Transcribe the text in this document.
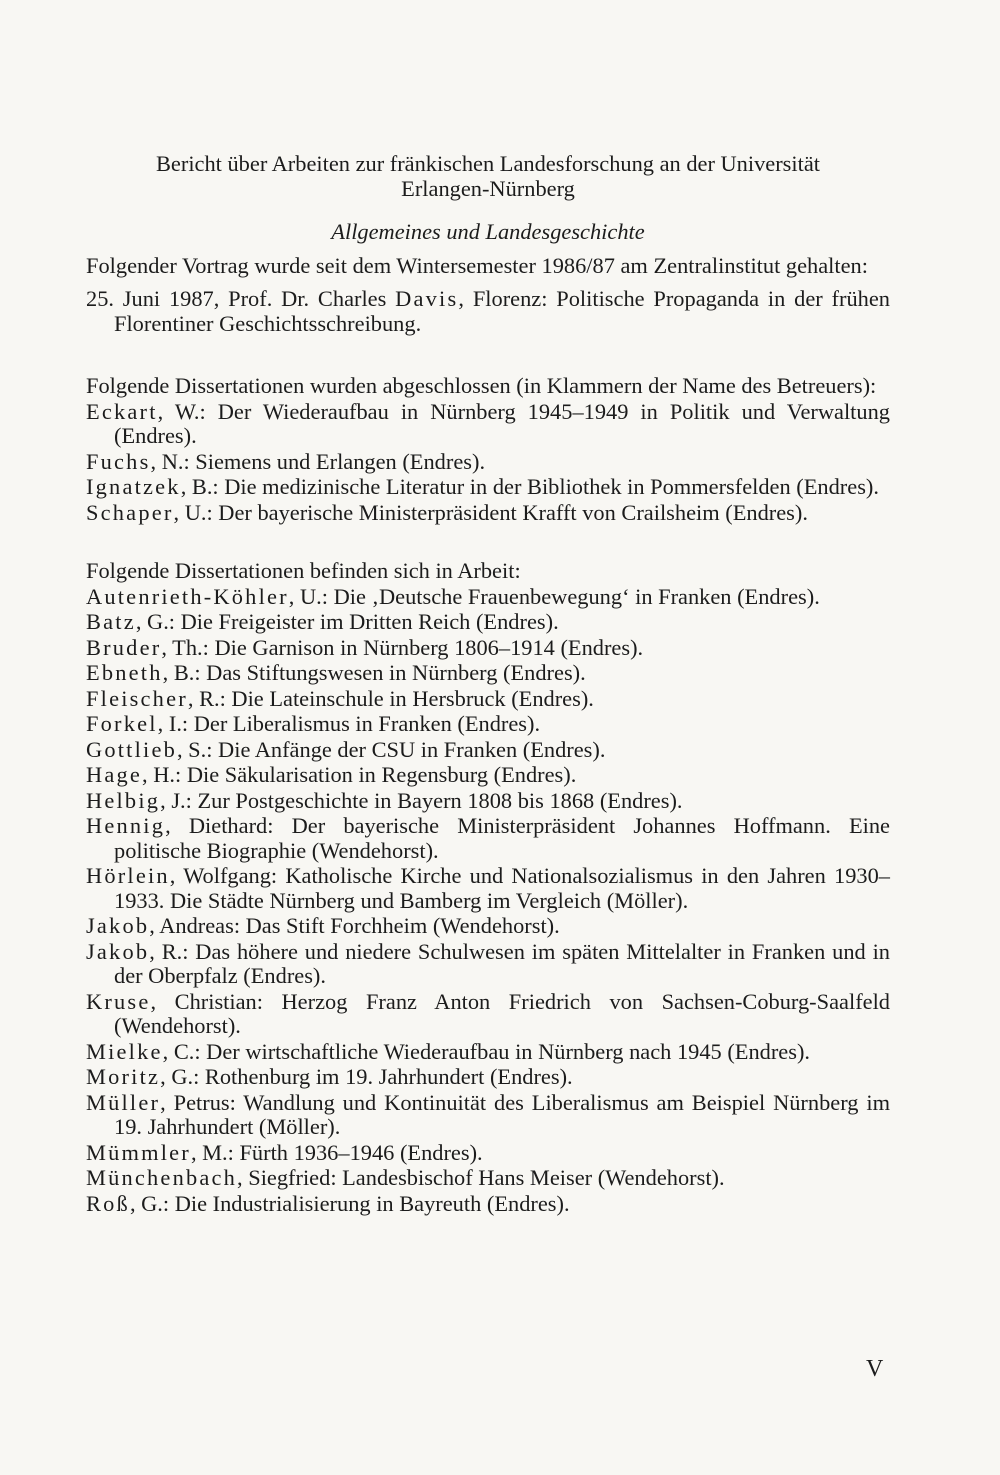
Bericht über Arbeiten zur fränkischen Landesforschung an der Universität
Erlangen-Nürnberg
Allgemeines und Landesgeschichte
Folgender Vortrag wurde seit dem Wintersemester 1986/87 am Zentralinstitut gehalten:
25. Juni 1987, Prof. Dr. Charles Davis, Florenz: Politische Propaganda in der frühen Florentiner Geschichtsschreibung.
Folgende Dissertationen wurden abgeschlossen (in Klammern der Name des Betreuers):
Eckart, W.: Der Wiederaufbau in Nürnberg 1945–1949 in Politik und Verwaltung (Endres).
Fuchs, N.: Siemens und Erlangen (Endres).
Ignatzek, B.: Die medizinische Literatur in der Bibliothek in Pommersfelden (Endres).
Schaper, U.: Der bayerische Ministerpräsident Krafft von Crailsheim (Endres).
Folgende Dissertationen befinden sich in Arbeit:
Autenrieth-Köhler, U.: Die ‚Deutsche Frauenbewegung‘ in Franken (Endres).
Batz, G.: Die Freigeister im Dritten Reich (Endres).
Bruder, Th.: Die Garnison in Nürnberg 1806–1914 (Endres).
Ebneth, B.: Das Stiftungswesen in Nürnberg (Endres).
Fleischer, R.: Die Lateinschule in Hersbruck (Endres).
Forkel, I.: Der Liberalismus in Franken (Endres).
Gottlieb, S.: Die Anfänge der CSU in Franken (Endres).
Hage, H.: Die Säkularisation in Regensburg (Endres).
Helbig, J.: Zur Postgeschichte in Bayern 1808 bis 1868 (Endres).
Hennig, Diethard: Der bayerische Ministerpräsident Johannes Hoffmann. Eine politische Biographie (Wendehorst).
Hörlein, Wolfgang: Katholische Kirche und Nationalsozialismus in den Jahren 1930–1933. Die Städte Nürnberg und Bamberg im Vergleich (Möller).
Jakob, Andreas: Das Stift Forchheim (Wendehorst).
Jakob, R.: Das höhere und niedere Schulwesen im späten Mittelalter in Franken und in der Oberpfalz (Endres).
Kruse, Christian: Herzog Franz Anton Friedrich von Sachsen-Coburg-Saalfeld (Wendehorst).
Mielke, C.: Der wirtschaftliche Wiederaufbau in Nürnberg nach 1945 (Endres).
Moritz, G.: Rothenburg im 19. Jahrhundert (Endres).
Müller, Petrus: Wandlung und Kontinuität des Liberalismus am Beispiel Nürnberg im 19. Jahrhundert (Möller).
Mümmler, M.: Fürth 1936–1946 (Endres).
Münchenbach, Siegfried: Landesbischof Hans Meiser (Wendehorst).
Roß, G.: Die Industrialisierung in Bayreuth (Endres).
V
